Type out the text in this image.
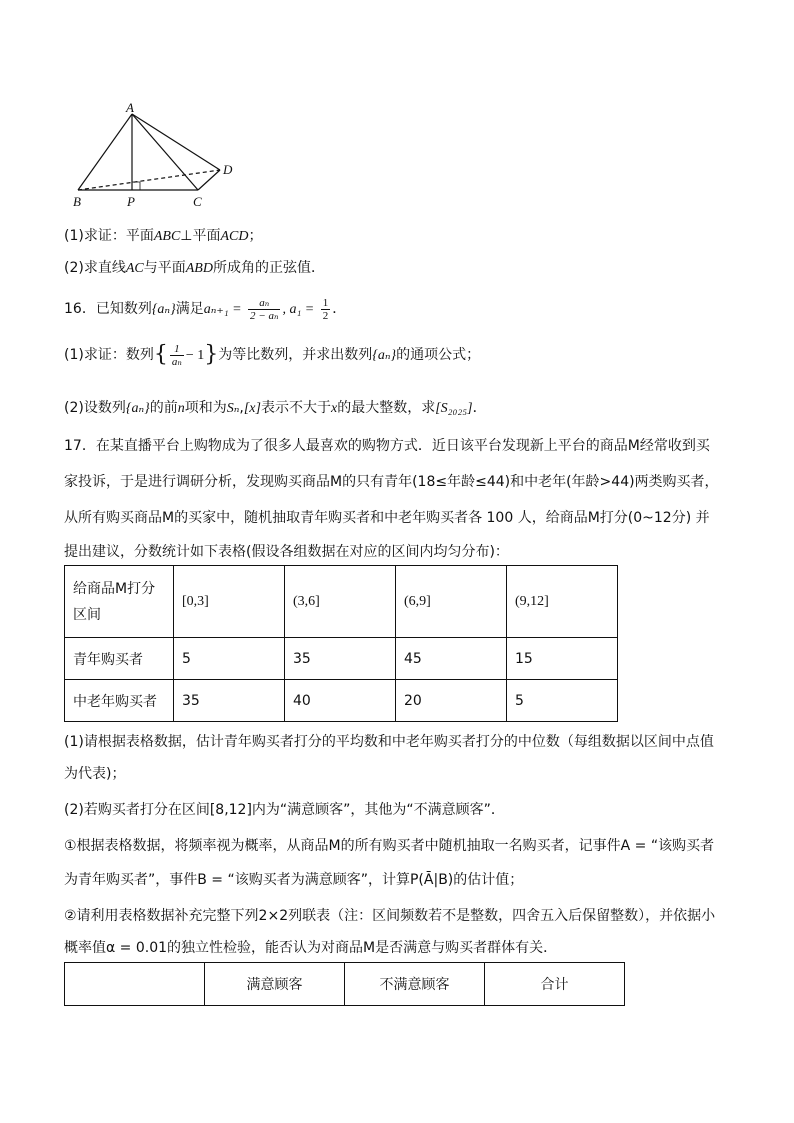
A
B	P	C
D
(1)求证：平面ABC⊥平面ACD；
(2)求直线AC与平面ABD所成角的正弦值．
16．已知数列{aₙ}满足$a_{n+1} = \frac{\text{aₙ}}{\text{2 − aₙ}}$ , $a_1 = \frac{1}{2}$ ．
(1)求证：数列{ $\frac{1}{\text{aₙ}} - 1$}为等比数列，并求出数列{aₙ}的通项公式；
(2)设数列{aₙ}的前n项和为Sₙ,[x]表示不大于x的最大整数，求[S₂₀₂₅]．
17．在某直播平台上购物成为了很多人最喜欢的购物方式．近日该平台发现新上平台的商品M经常收到买
家投诉，于是进行调研分析，发现购买商品M的只有青年(18≤年龄≤44)和中老年(年龄>44)两类购买者，
从所有购买商品M的买家中，随机抽取青年购买者和中老年购买者各 100 人，给商品M打分(0~12分) 并
提出建议，分数统计如下表格(假设各组数据在对应的区间内均匀分布)：
给商品M打分
区间	[0,3]	(3,6]	(6,9]	(9,12]
青年购买者	5	35	45	15
中老年购买者	35	40	20	5
(1)请根据表格数据，估计青年购买者打分的平均数和中老年购买者打分的中位数（每组数据以区间中点值
为代表)；
(2)若购买者打分在区间[8,12]内为“满意顾客”，其他为“不满意顾客”．
①根据表格数据，将频率视为概率，从商品M的所有购买者中随机抽取一名购买者，记事件A = “该购买者
为青年购买者”，事件B = “该购买者为满意顾客”，计算P(Ā|B)的估计值；
②请利用表格数据补充完整下列2×2列联表（注：区间频数若不是整数，四舍五入后保留整数），并依据小
概率值α = 0.01的独立性检验，能否认为对商品M是否满意与购买者群体有关．
	满意顾客	不满意顾客	合计
